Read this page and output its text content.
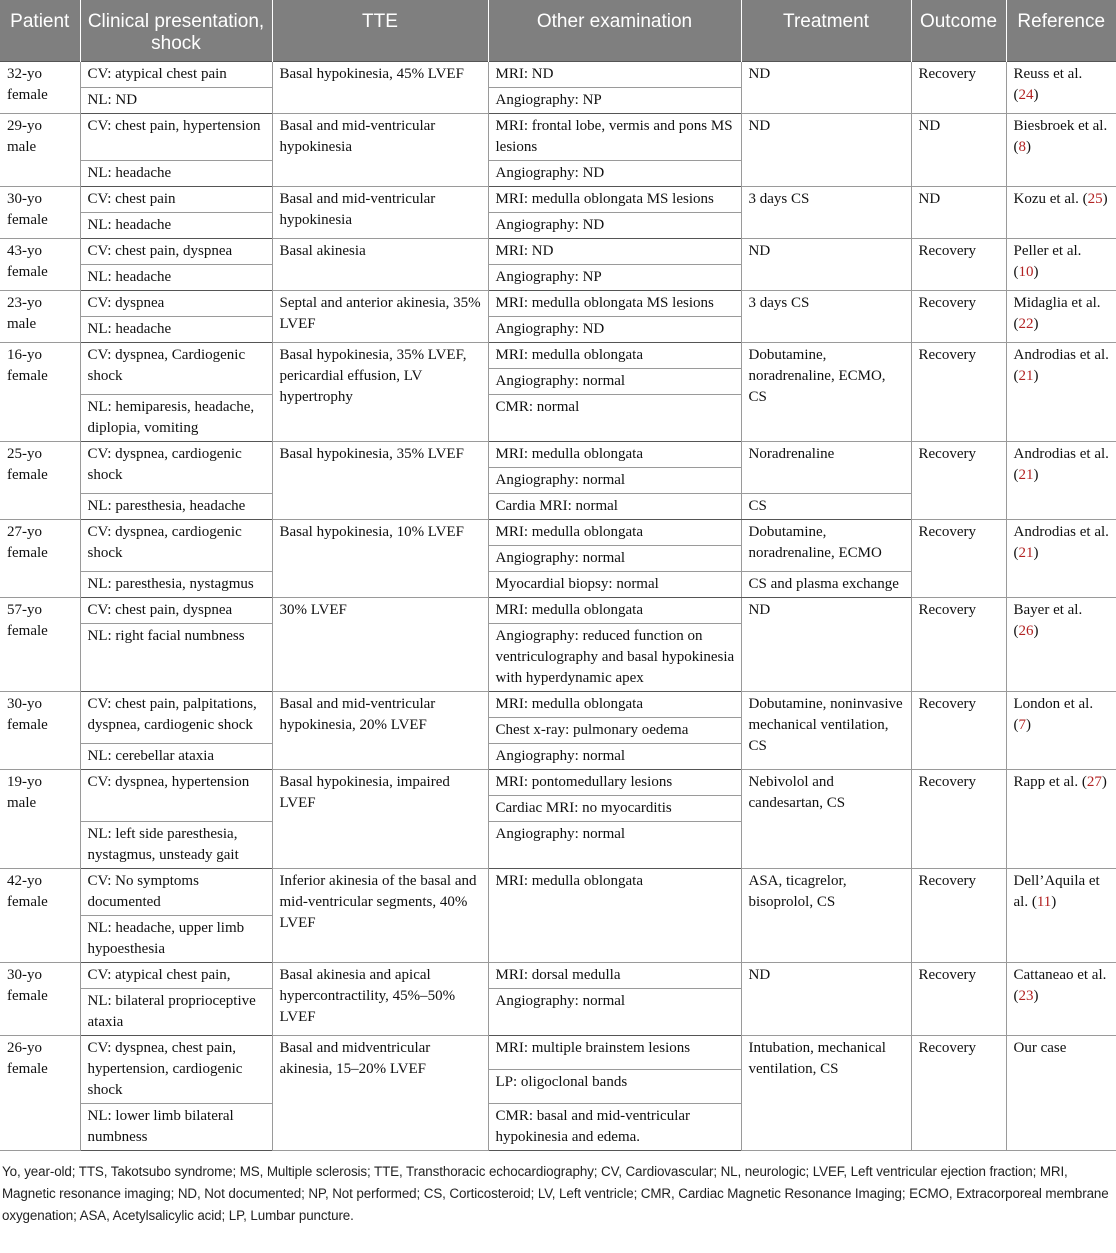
Patient	Clinical presentation, shock	TTE	Other examination	Treatment	Outcome	Reference
32-yo female	CV: atypical chest pain	Basal hypokinesia, 45% LVEF	MRI: ND	ND	Recovery	Reuss et al. (24)
	NL: ND		Angiography: NP			
29-yo male	CV: chest pain, hypertension	Basal and mid-ventricular hypokinesia	MRI: frontal lobe, vermis and pons MS lesions	ND	ND	Biesbroek et al. (8)
	NL: headache		Angiography: ND			
30-yo female	CV: chest pain	Basal and mid-ventricular hypokinesia	MRI: medulla oblongata MS lesions	3 days CS	ND	Kozu et al. (25)
	NL: headache		Angiography: ND			
43-yo female	CV: chest pain, dyspnea	Basal akinesia	MRI: ND	ND	Recovery	Peller et al. (10)
	NL: headache		Angiography: NP			
23-yo male	CV: dyspnea	Septal and anterior akinesia, 35% LVEF	MRI: medulla oblongata MS lesions	3 days CS	Recovery	Midaglia et al. (22)
	NL: headache		Angiography: ND			
16-yo female	CV: dyspnea, Cardiogenic shock	Basal hypokinesia, 35% LVEF, pericardial effusion, LV hypertrophy	MRI: medulla oblongata	Dobutamine, noradrenaline, ECMO, CS	Recovery	Androdias et al. (21)
			Angiography: normal			
	NL: hemiparesis, headache, diplopia, vomiting		CMR: normal			
25-yo female	CV: dyspnea, cardiogenic shock	Basal hypokinesia, 35% LVEF	MRI: medulla oblongata	Noradrenaline	Recovery	Androdias et al. (21)
			Angiography: normal			
	NL: paresthesia, headache		Cardia MRI: normal	CS		
27-yo female	CV: dyspnea, cardiogenic shock	Basal hypokinesia, 10% LVEF	MRI: medulla oblongata	Dobutamine, noradrenaline, ECMO	Recovery	Androdias et al. (21)
			Angiography: normal			
	NL: paresthesia, nystagmus		Myocardial biopsy: normal	CS and plasma exchange		
57-yo female	CV: chest pain, dyspnea	30% LVEF	MRI: medulla oblongata	ND	Recovery	Bayer et al. (26)
	NL: right facial numbness		Angiography: reduced function on ventriculography and basal hypokinesia with hyperdynamic apex			
30-yo female	CV: chest pain, palpitations, dyspnea, cardiogenic shock	Basal and mid-ventricular hypokinesia, 20% LVEF	MRI: medulla oblongata	Dobutamine, noninvasive mechanical ventilation, CS	Recovery	London et al. (7)
			Chest x-ray: pulmonary oedema			
	NL: cerebellar ataxia		Angiography: normal			
19-yo male	CV: dyspnea, hypertension	Basal hypokinesia, impaired LVEF	MRI: pontomedullary lesions	Nebivolol and candesartan, CS	Recovery	Rapp et al. (27)
			Cardiac MRI: no myocarditis			
	NL: left side paresthesia, nystagmus, unsteady gait		Angiography: normal			
42-yo female	CV: No symptoms documented	Inferior akinesia of the basal and mid-ventricular segments, 40% LVEF	MRI: medulla oblongata	ASA, ticagrelor, bisoprolol, CS	Recovery	Dell’Aquila et al. (11)
	NL: headache, upper limb hypoesthesia					
30-yo female	CV: atypical chest pain,	Basal akinesia and apical hypercontractility, 45%–50% LVEF	MRI: dorsal medulla	ND	Recovery	Cattaneao et al. (23)
	NL: bilateral proprioceptive ataxia		Angiography: normal			
26-yo female	CV: dyspnea, chest pain, hypertension, cardiogenic shock	Basal and midventricular akinesia, 15–20% LVEF	MRI: multiple brainstem lesions	Intubation, mechanical ventilation, CS	Recovery	Our case
			LP: oligoclonal bands			
	NL: lower limb bilateral numbness		CMR: basal and mid-ventricular hypokinesia and edema.			
Yo, year-old; TTS, Takotsubo syndrome; MS, Multiple sclerosis; TTE, Transthoracic echocardiography; CV, Cardiovascular; NL, neurologic; LVEF, Left ventricular ejection fraction; MRI, Magnetic resonance imaging; ND, Not documented; NP, Not performed; CS, Corticosteroid; LV, Left ventricle; CMR, Cardiac Magnetic Resonance Imaging; ECMO, Extracorporeal membrane oxygenation; ASA, Acetylsalicylic acid; LP, Lumbar puncture.
